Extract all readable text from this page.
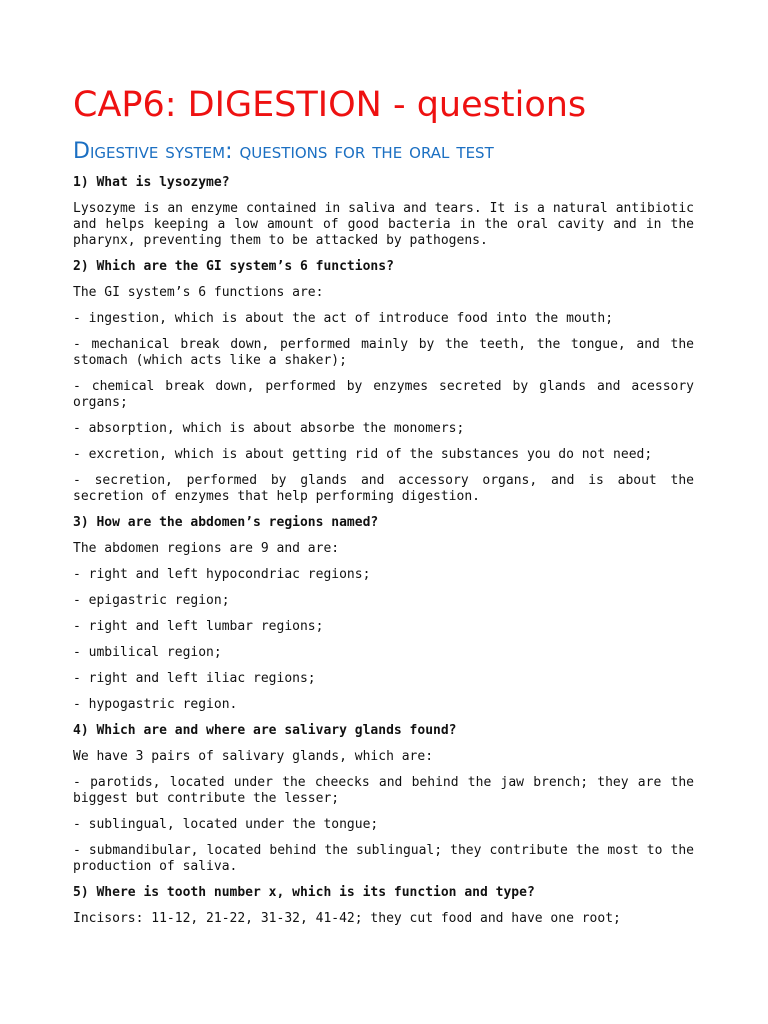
CAP6: DIGESTION - questions
Digestive system: questions for the oral test
1) What is lysozyme?
Lysozyme is an enzyme contained in saliva and tears. It is a natural antibiotic and helps keeping a low amount of good bacteria in the oral cavity and in the pharynx, preventing them to be attacked by pathogens.
2) Which are the GI system’s 6 functions?
The GI system’s 6 functions are:
- ingestion, which is about the act of introduce food into the mouth;
- mechanical break down, performed mainly by the teeth, the tongue, and the stomach (which acts like a shaker);
- chemical break down, performed by enzymes secreted by glands and acessory organs;
- absorption, which is about absorbe the monomers;
- excretion, which is about getting rid of the substances you do not need;
- secretion, performed by glands and accessory organs, and is about the secretion of enzymes that help performing digestion.
3) How are the abdomen’s regions named?
The abdomen regions are 9 and are:
- right and left hypocondriac regions;
- epigastric region;
- right and left lumbar regions;
- umbilical region;
- right and left iliac regions;
- hypogastric region.
4) Which are and where are salivary glands found?
We have 3 pairs of salivary glands, which are:
- parotids, located under the cheecks and behind the jaw brench; they are the biggest but contribute the lesser;
- sublingual, located under the tongue;
- submandibular, located behind the sublingual; they contribute the most to the production of saliva.
5) Where is tooth number x, which is its function and type?
Incisors: 11-12, 21-22, 31-32, 41-42; they cut food and have one root;
